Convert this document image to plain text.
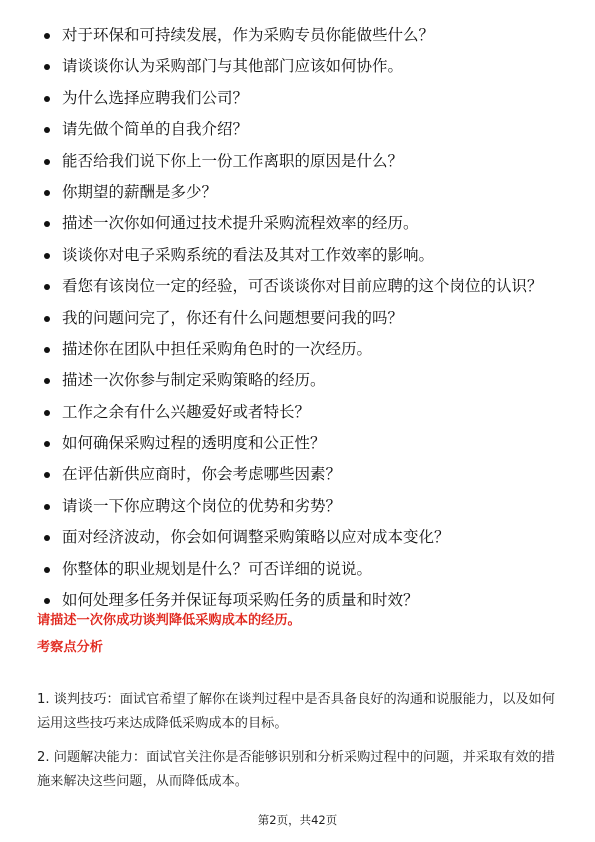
对于环保和可持续发展，作为采购专员你能做些什么？
请谈谈你认为采购部门与其他部门应该如何协作。
为什么选择应聘我们公司？
请先做个简单的自我介绍？
能否给我们说下你上一份工作离职的原因是什么？
你期望的薪酬是多少？
描述一次你如何通过技术提升采购流程效率的经历。
谈谈你对电子采购系统的看法及其对工作效率的影响。
看您有该岗位一定的经验，可否谈谈你对目前应聘的这个岗位的认识？
我的问题问完了，你还有什么问题想要问我的吗？
描述你在团队中担任采购角色时的一次经历。
描述一次你参与制定采购策略的经历。
工作之余有什么兴趣爱好或者特长？
如何确保采购过程的透明度和公正性？
在评估新供应商时，你会考虑哪些因素？
请谈一下你应聘这个岗位的优势和劣势？
面对经济波动，你会如何调整采购策略以应对成本变化？
你整体的职业规划是什么？可否详细的说说。
如何处理多任务并保证每项采购任务的质量和时效？
请描述一次你成功谈判降低采购成本的经历。
考察点分析
1. 谈判技巧：面试官希望了解你在谈判过程中是否具备良好的沟通和说服能力，以及如何运用这些技巧来达成降低采购成本的目标。
2. 问题解决能力：面试官关注你是否能够识别和分析采购过程中的问题，并采取有效的措施来解决这些问题，从而降低成本。
第2页，共42页
